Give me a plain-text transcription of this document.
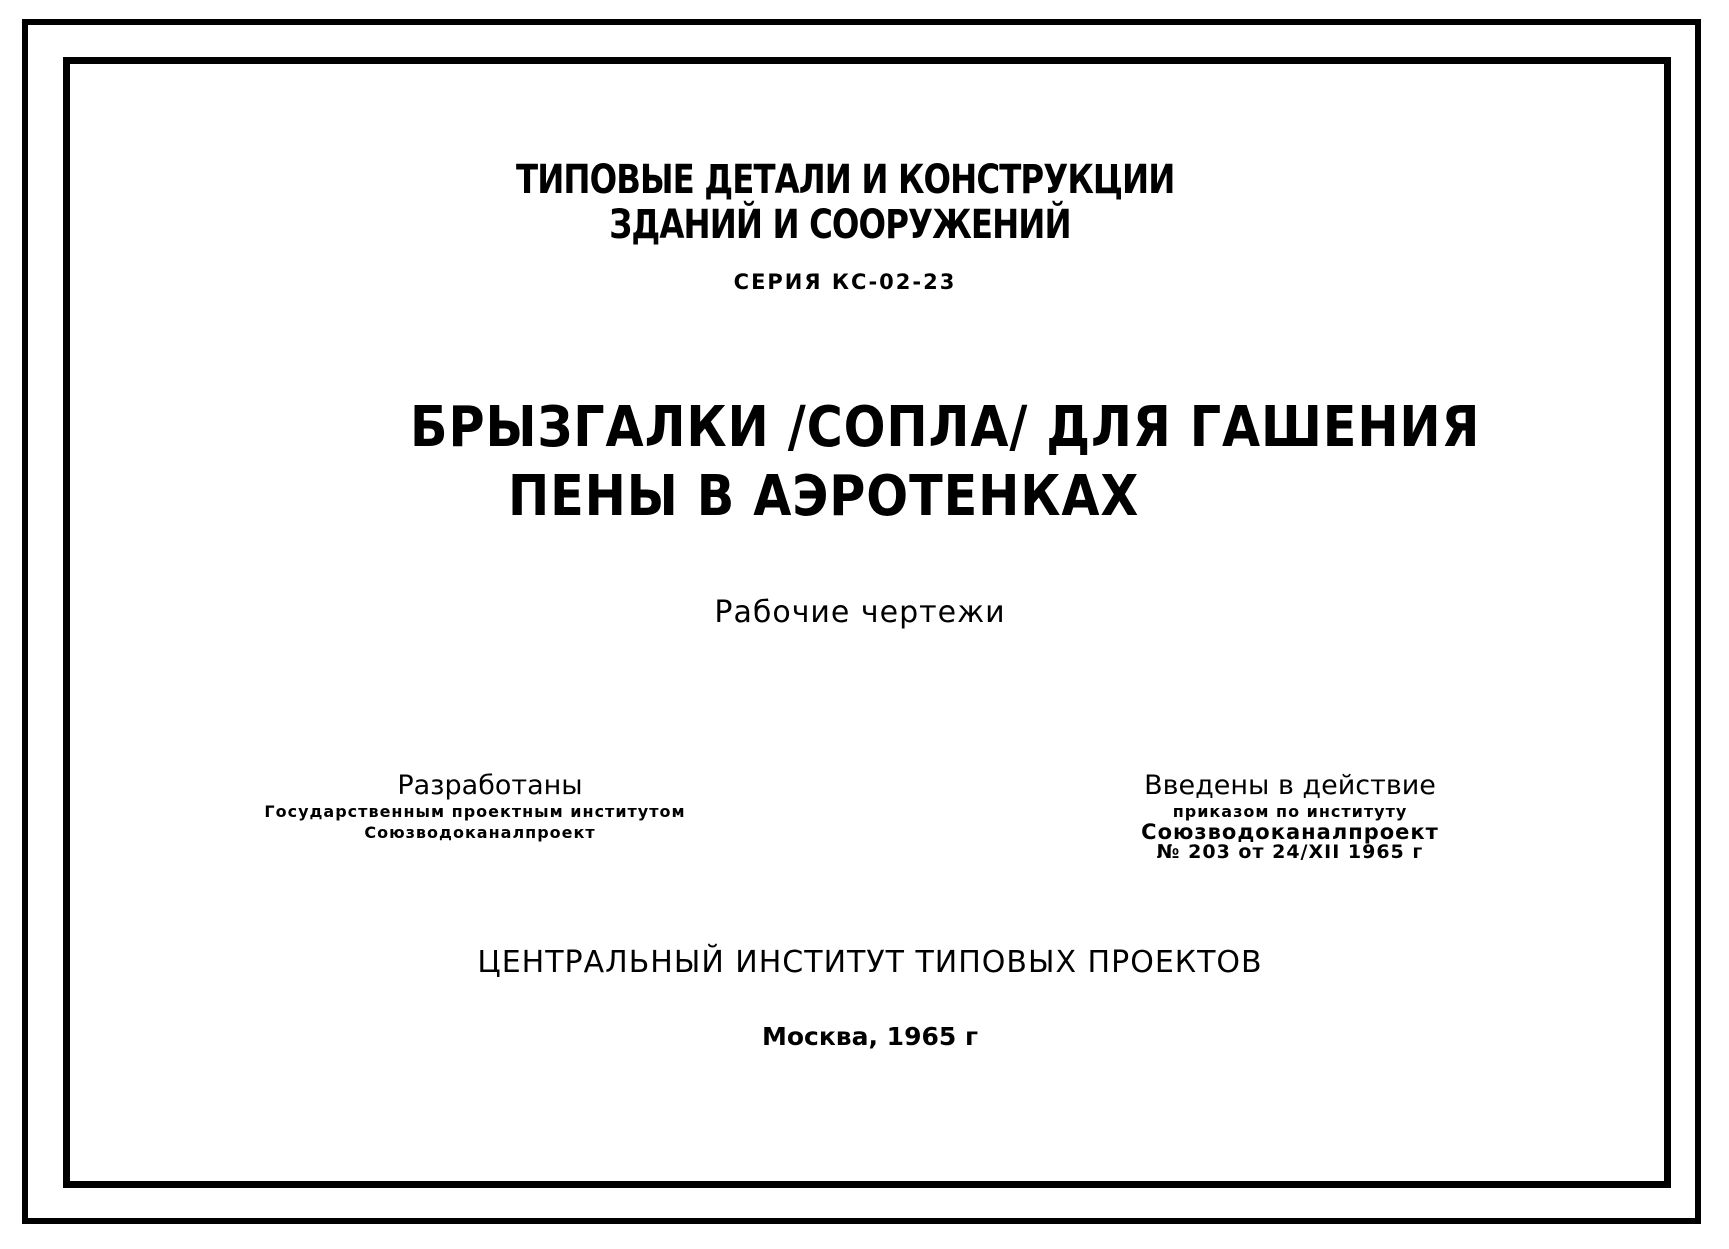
ТИПОВЫЕ ДЕТАЛИ И КОНСТРУКЦИИ
ЗДАНИЙ И СООРУЖЕНИЙ
СЕРИЯ КС-02-23
БРЫЗГАЛКИ /СОПЛА/ ДЛЯ ГАШЕНИЯ
ПЕНЫ В АЭРОТЕНКАХ
Рабочие чертежи
Разработаны
Государственным проектным институтом
Союзводоканалпроект
Введены в действие
приказом по институту
Союзводоканалпроект
№ 203 от 24/XII 1965 г
ЦЕНТРАЛЬНЫЙ ИНСТИТУТ ТИПОВЫХ ПРОЕКТОВ
Москва, 1965 г
